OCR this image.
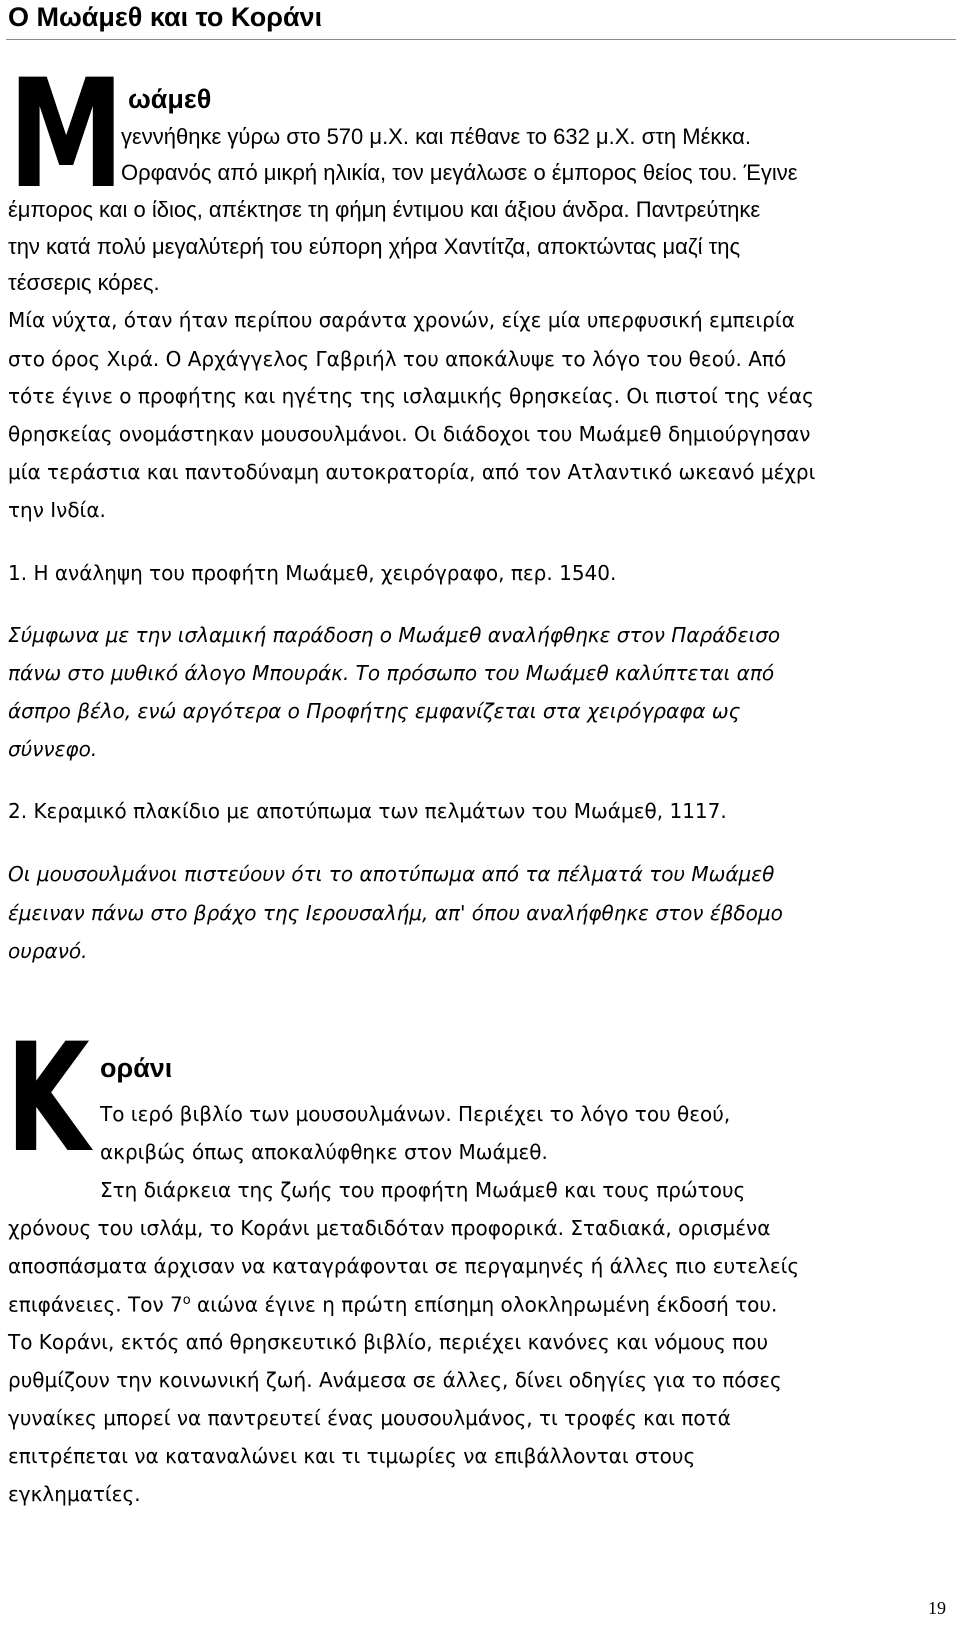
Ο Μωάμεθ και το Κοράνι
Μ ωάμεθ
γεννήθηκε γύρω στο 570 μ.Χ. και πέθανε το 632 μ.Χ. στη Μέκκα.
Ορφανός από μικρή ηλικία, τον μεγάλωσε ο έμπορος θείος του. Έγινε
έμπορος και ο ίδιος, απέκτησε τη φήμη έντιμου και άξιου άνδρα. Παντρεύτηκε
την κατά πολύ μεγαλύτερή του εύπορη χήρα Χαντίτζα, αποκτώντας μαζί της
τέσσερις κόρες.
Μία νύχτα, όταν ήταν περίπου σαράντα χρονών, είχε μία υπερφυσική εμπειρία
στο όρος Χιρά. Ο Αρχάγγελος Γαβριήλ του αποκάλυψε το λόγο του θεού. Από
τότε έγινε ο προφήτης και ηγέτης της ισλαμικής θρησκείας. Οι πιστοί της νέας
θρησκείας ονομάστηκαν μουσουλμάνοι. Οι διάδοχοι του Μωάμεθ δημιούργησαν
μία τεράστια και παντοδύναμη αυτοκρατορία, από τον Ατλαντικό ωκεανό μέχρι
την Ινδία.
1. Η ανάληψη του προφήτη Μωάμεθ, χειρόγραφο, περ. 1540.
Σύμφωνα με την ισλαμική παράδοση ο Μωάμεθ αναλήφθηκε στον Παράδεισο
πάνω στο μυθικό άλογο Μπουράκ. Το πρόσωπο του Μωάμεθ καλύπτεται από
άσπρο βέλο, ενώ αργότερα ο Προφήτης εμφανίζεται στα χειρόγραφα ως
σύννεφο.
2. Κεραμικό πλακίδιο με αποτύπωμα των πελμάτων του Μωάμεθ, 1117.
Οι μουσουλμάνοι πιστεύουν ότι το αποτύπωμα από τα πέλματά του Μωάμεθ
έμειναν πάνω στο βράχο της Ιερουσαλήμ, απ' όπου αναλήφθηκε στον έβδομο
ουρανό.
Κ οράνι
Το ιερό βιβλίο των μουσουλμάνων. Περιέχει το λόγο του θεού,
ακριβώς όπως αποκαλύφθηκε στον Μωάμεθ.
Στη διάρκεια της ζωής του προφήτη Μωάμεθ και τους πρώτους
χρόνους του ισλάμ, το Κοράνι μεταδιδόταν προφορικά. Σταδιακά, ορισμένα
αποσπάσματα άρχισαν να καταγράφονται σε περγαμηνές ή άλλες πιο ευτελείς
επιφάνειες. Τον $7^o$ αιώνα έγινε η πρώτη επίσημη ολοκληρωμένη έκδοσή του.
Το Κοράνι, εκτός από θρησκευτικό βιβλίο, περιέχει κανόνες και νόμους που
ρυθμίζουν την κοινωνική ζωή. Ανάμεσα σε άλλες, δίνει οδηγίες για το πόσες
γυναίκες μπορεί να παντρευτεί ένας μουσουλμάνος, τι τροφές και ποτά
επιτρέπεται να καταναλώνει και τι τιμωρίες να επιβάλλονται στους
εγκληματίες.
19
